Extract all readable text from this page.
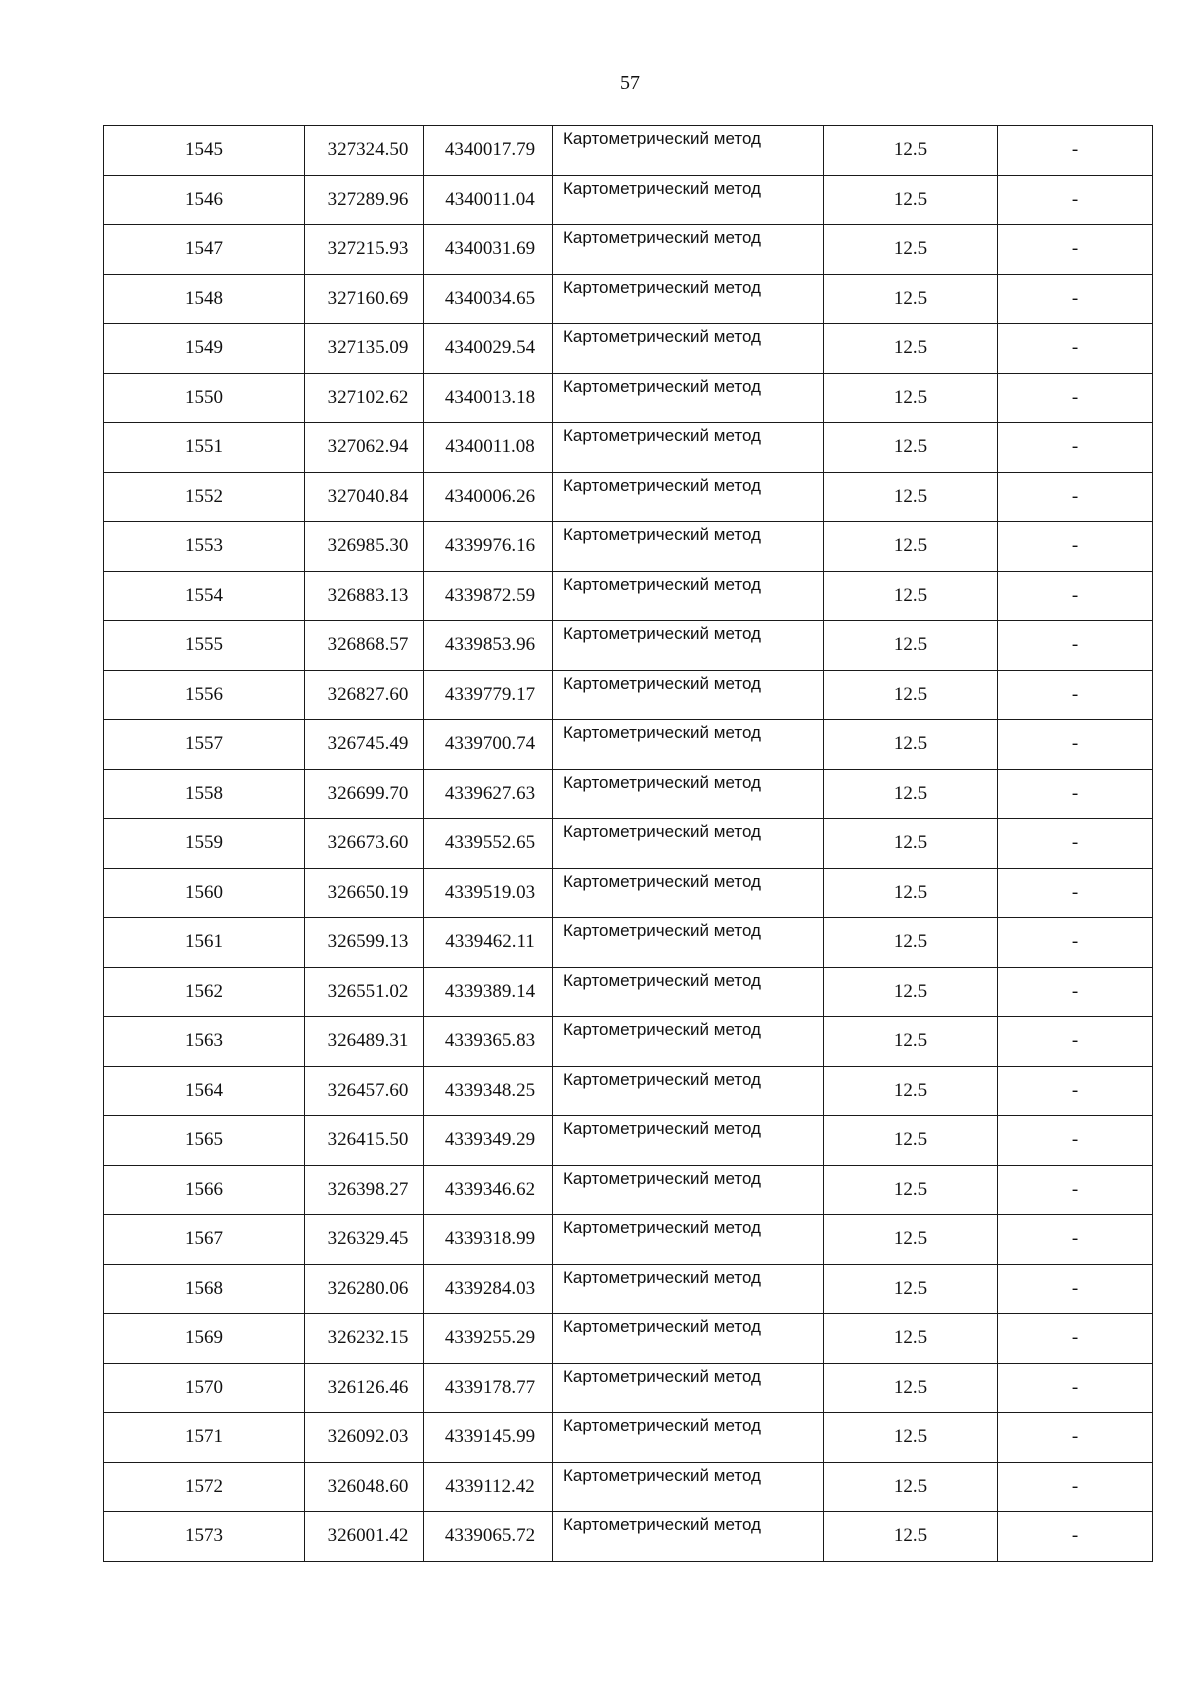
57
1545	327324.50	4340017.79	Картометрический метод	12.5	-
1546	327289.96	4340011.04	Картометрический метод	12.5	-
1547	327215.93	4340031.69	Картометрический метод	12.5	-
1548	327160.69	4340034.65	Картометрический метод	12.5	-
1549	327135.09	4340029.54	Картометрический метод	12.5	-
1550	327102.62	4340013.18	Картометрический метод	12.5	-
1551	327062.94	4340011.08	Картометрический метод	12.5	-
1552	327040.84	4340006.26	Картометрический метод	12.5	-
1553	326985.30	4339976.16	Картометрический метод	12.5	-
1554	326883.13	4339872.59	Картометрический метод	12.5	-
1555	326868.57	4339853.96	Картометрический метод	12.5	-
1556	326827.60	4339779.17	Картометрический метод	12.5	-
1557	326745.49	4339700.74	Картометрический метод	12.5	-
1558	326699.70	4339627.63	Картометрический метод	12.5	-
1559	326673.60	4339552.65	Картометрический метод	12.5	-
1560	326650.19	4339519.03	Картометрический метод	12.5	-
1561	326599.13	4339462.11	Картометрический метод	12.5	-
1562	326551.02	4339389.14	Картометрический метод	12.5	-
1563	326489.31	4339365.83	Картометрический метод	12.5	-
1564	326457.60	4339348.25	Картометрический метод	12.5	-
1565	326415.50	4339349.29	Картометрический метод	12.5	-
1566	326398.27	4339346.62	Картометрический метод	12.5	-
1567	326329.45	4339318.99	Картометрический метод	12.5	-
1568	326280.06	4339284.03	Картометрический метод	12.5	-
1569	326232.15	4339255.29	Картометрический метод	12.5	-
1570	326126.46	4339178.77	Картометрический метод	12.5	-
1571	326092.03	4339145.99	Картометрический метод	12.5	-
1572	326048.60	4339112.42	Картометрический метод	12.5	-
1573	326001.42	4339065.72	Картометрический метод	12.5	-
